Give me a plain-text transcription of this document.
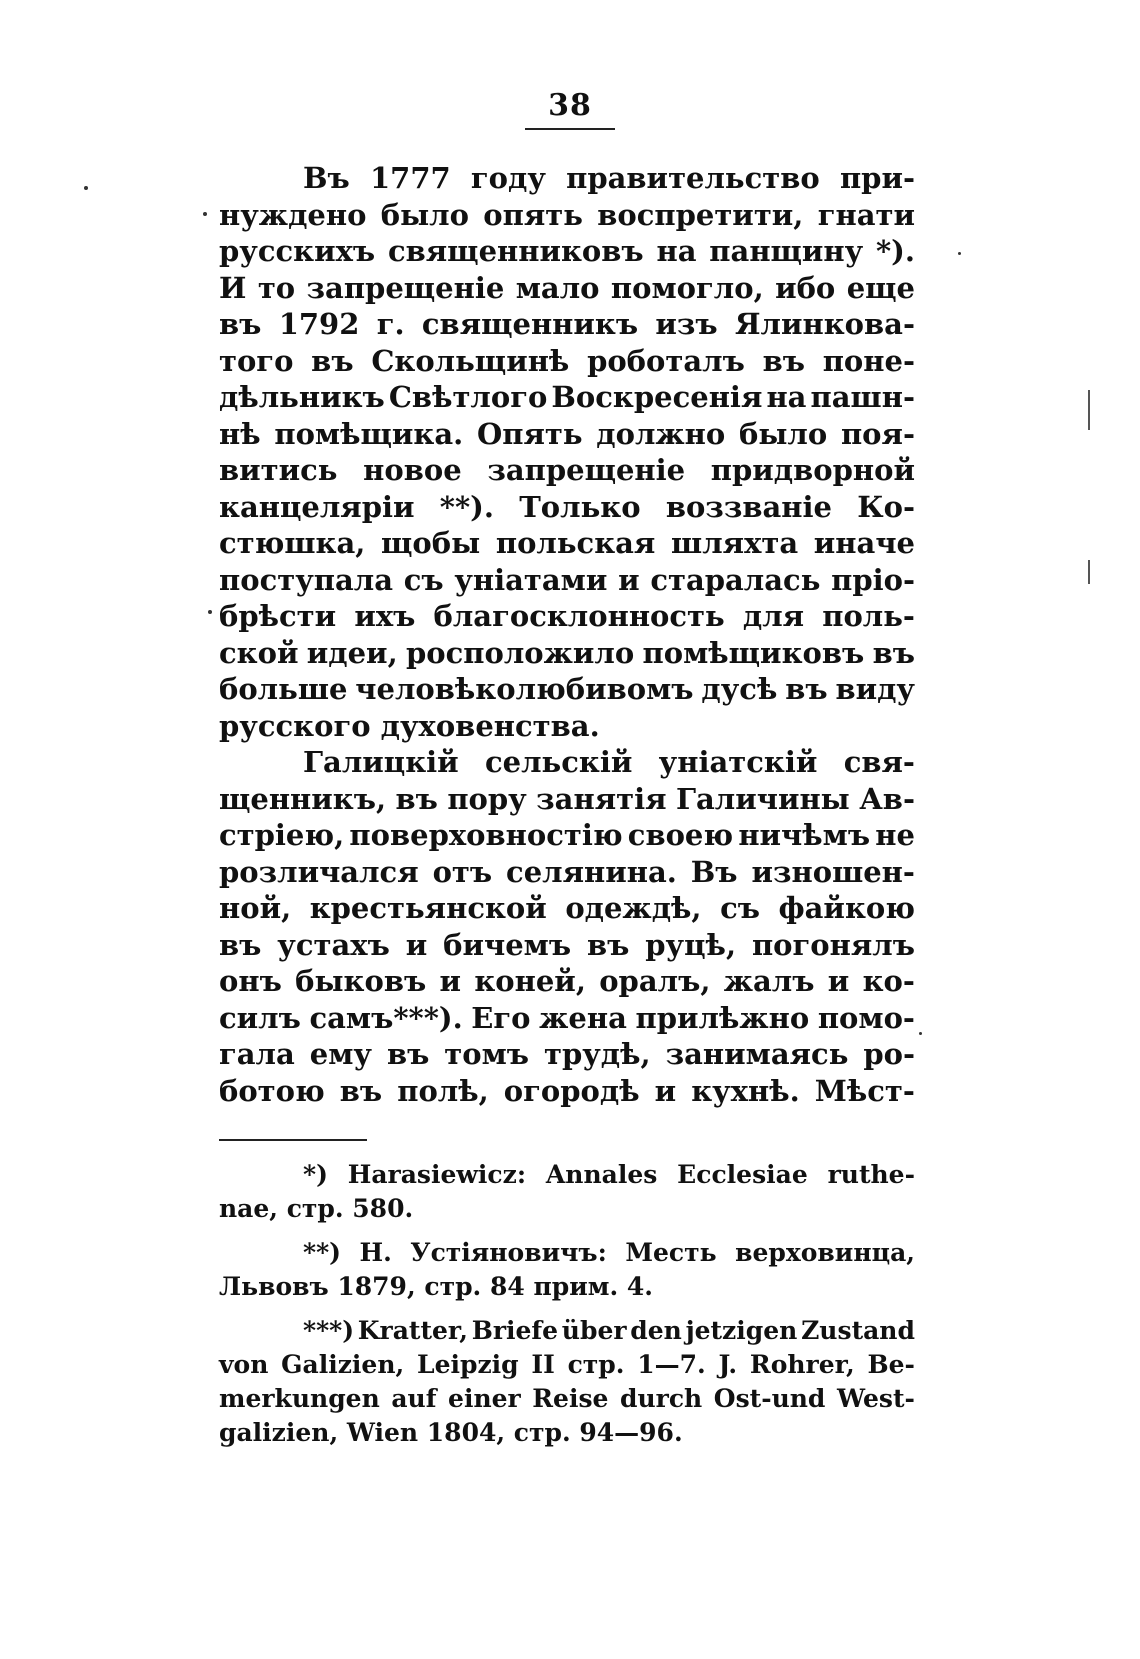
38
Въ 1777 году правительство при-
нуждено было опять воспретити, гнати
русскихъ священниковъ на панщину *).
И то запрещеніе мало помогло, ибо еще
въ 1792 г. священникъ изъ Ялинкова-
того въ Скольщинѣ роботалъ въ поне-
дѣльникъ Свѣтлого Воскресенія на пашн-
нѣ помѣщика. Опять должно было поя-
витись новое запрещеніе придворной
канцеляріи **). Только воззваніе Ко-
стюшка, щобы польская шляхта иначе
поступала съ уніатами и старалась пріо-
брѣсти ихъ благосклонность для поль-
ской идеи, росположило помѣщиковъ въ
больше человѣколюбивомъ дусѣ въ виду
русского духовенства.
Галицкій сельскій уніатскій свя-
щенникъ, въ пору занятія Галичины Ав-
стріею, поверховностію своею ничѣмъ не
розличался отъ селянина. Въ изношен-
ной, крестьянской одеждѣ, съ файкою
въ устахъ и бичемъ въ руцѣ, погонялъ
онъ быковъ и коней, оралъ, жалъ и ко-
силъ самъ***). Его жена прилѣжно помо-
гала ему въ томъ трудѣ, занимаясь ро-
ботою въ полѣ, огородѣ и кухнѣ. Мѣст-
*) Harasiewicz: Annales Ecclesiae ruthe-
nae, стр. 580.
**) Н. Устіяновичъ: Месть верховинца,
Львовъ 1879, стр. 84 прим. 4.
***) Kratter, Briefe über den jetzigen Zustand
von Galizien, Leipzig II стр. 1—7. J. Rohrer, Be-
merkungen auf einer Reise durch Ost-und West-
galizien, Wien 1804, стр. 94—96.
